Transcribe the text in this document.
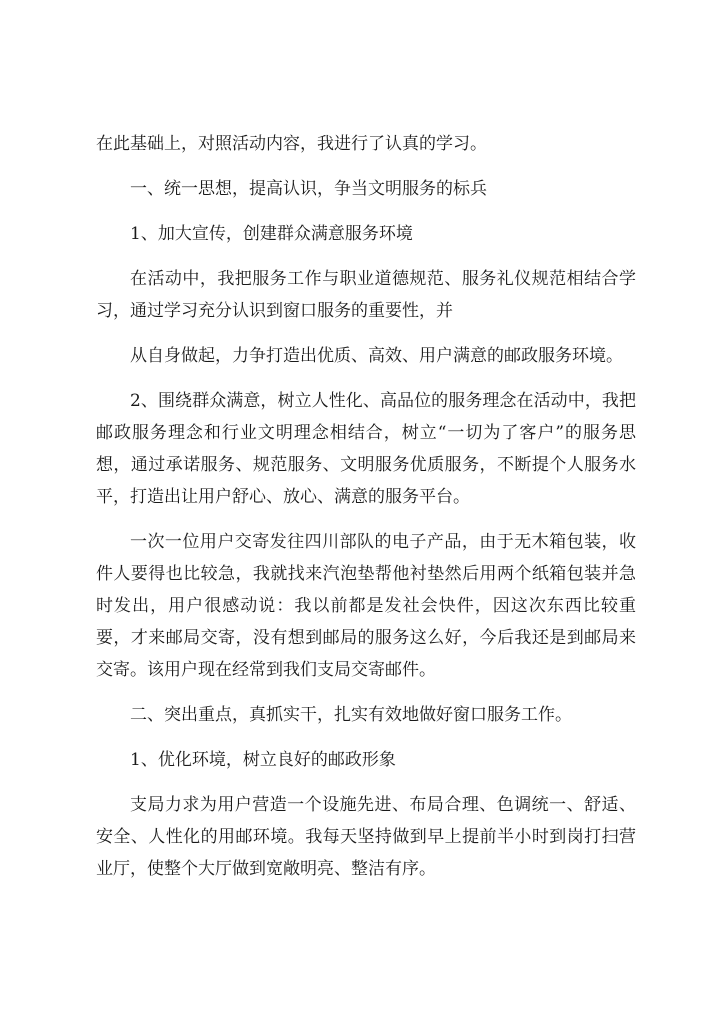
在此基础上，对照活动内容，我进行了认真的学习。

一、统一思想，提高认识，争当文明服务的标兵

1、加大宣传，创建群众满意服务环境

在活动中，我把服务工作与职业道德规范、服务礼仪规范相结合学习，通过学习充分认识到窗口服务的重要性，并

从自身做起，力争打造出优质、高效、用户满意的邮政服务环境。

2、围绕群众满意，树立人性化、高品位的服务理念在活动中，我把邮政服务理念和行业文明理念相结合，树立“一切为了客户”的服务思想，通过承诺服务、规范服务、文明服务优质服务，不断提个人服务水平，打造出让用户舒心、放心、满意的服务平台。

一次一位用户交寄发往四川部队的电子产品，由于无木箱包装，收件人要得也比较急，我就找来汽泡垫帮他衬垫然后用两个纸箱包装并急时发出，用户很感动说：我以前都是发社会快件，因这次东西比较重要，才来邮局交寄，没有想到邮局的服务这么好，今后我还是到邮局来交寄。该用户现在经常到我们支局交寄邮件。

二、突出重点，真抓实干，扎实有效地做好窗口服务工作。

1、优化环境，树立良好的邮政形象

支局力求为用户营造一个设施先进、布局合理、色调统一、舒适、安全、人性化的用邮环境。我每天坚持做到早上提前半小时到岗打扫营业厅，使整个大厅做到宽敞明亮、整洁有序。
